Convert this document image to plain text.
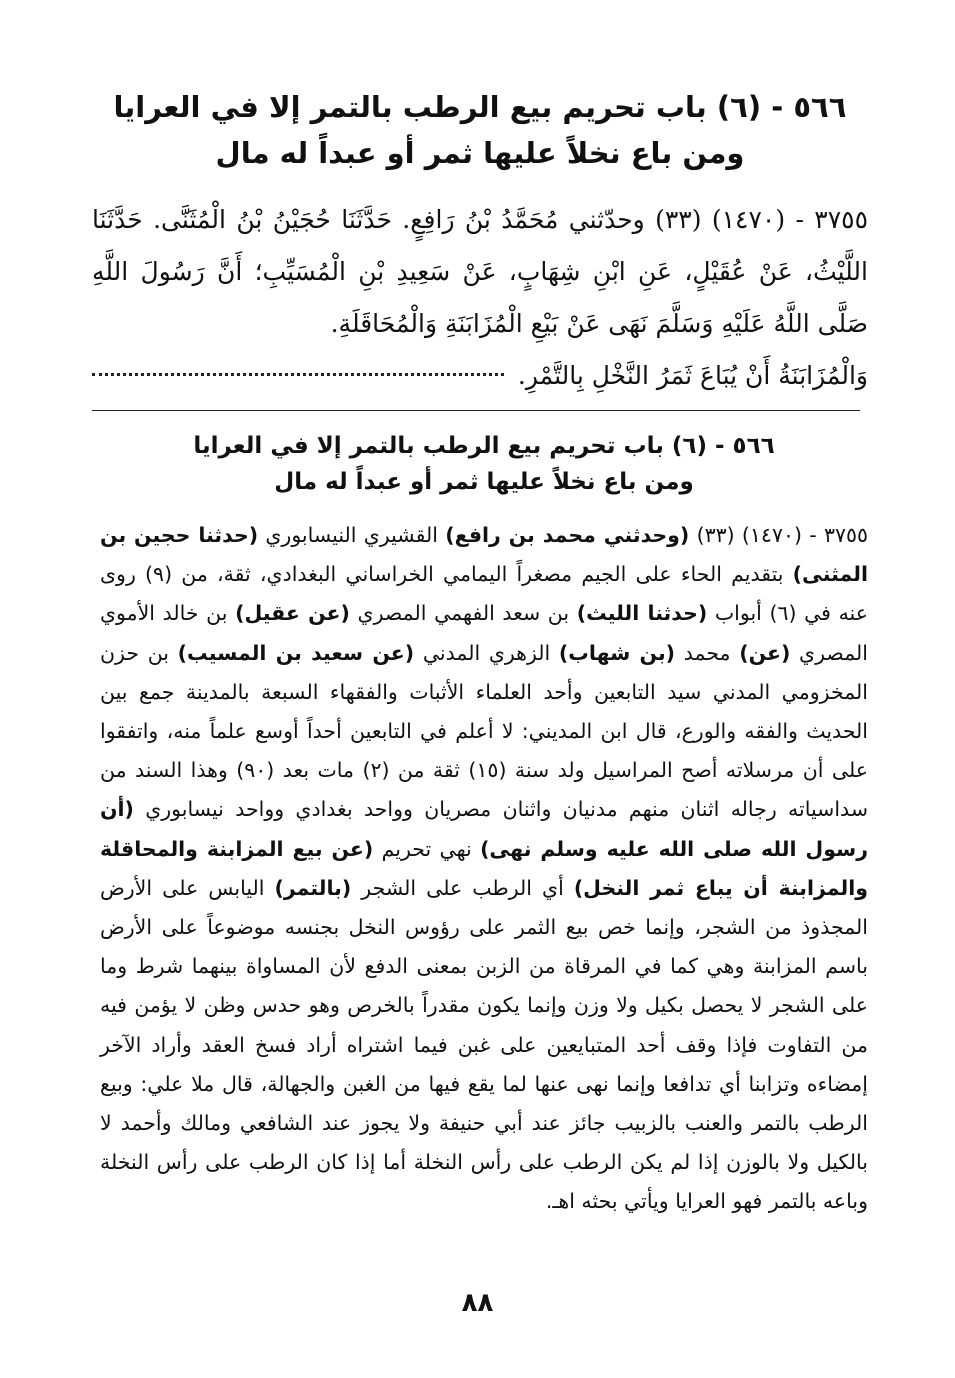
٥٦٦ - (٦) باب تحريم بيع الرطب بالتمر إلا في العرايا
ومن باع نخلاً عليها ثمر أو عبداً له مال

٣٧٥٥ - (١٤٧٠) (٣٣) وحدّثني مُحَمَّدُ بْنُ رَافِعٍ. حَدَّثَنَا حُجَيْنُ بْنُ الْمُثَنَّى. حَدَّثَنَا اللَّيْثُ، عَنْ عُقَيْلٍ، عَنِ ابْنِ شِهَابٍ، عَنْ سَعِيدِ بْنِ الْمُسَيِّبِ؛ أَنَّ رَسُولَ اللَّهِ صَلَّى اللَّهُ عَلَيْهِ وَسَلَّمَ نَهَى عَنْ بَيْعِ الْمُزَابَنَةِ وَالْمُحَاقَلَةِ.

وَالْمُزَابَنَةُ أَنْ يُبَاعَ ثَمَرُ النَّخْلِ بِالتَّمْرِ.
٥٦٦ - (٦) باب تحريم بيع الرطب بالتمر إلا في العرايا
ومن باع نخلاً عليها ثمر أو عبداً له مال

٣٧٥٥ - (١٤٧٠) (٣٣) (وحدثني محمد بن رافع) القشيري النيسابوري (حدثنا حجين بن المثنى) بتقديم الحاء على الجيم مصغراً اليمامي الخراساني البغدادي، ثقة، من (٩) روى عنه في (٦) أبواب (حدثنا الليث) بن سعد الفهمي المصري (عن عقيل) بن خالد الأموي المصري (عن) محمد (بن شهاب) الزهري المدني (عن سعيد بن المسيب) بن حزن المخزومي المدني سيد التابعين وأحد العلماء الأثبات والفقهاء السبعة بالمدينة جمع بين الحديث والفقه والورع، قال ابن المديني: لا أعلم في التابعين أحداً أوسع علماً منه، واتفقوا على أن مرسلاته أصح المراسيل ولد سنة (١٥) ثقة من (٢) مات بعد (٩٠) وهذا السند من سداسياته رجاله اثنان منهم مدنيان واثنان مصريان وواحد بغدادي وواحد نيسابوري (أن رسول الله صلى الله عليه وسلم نهى) نهي تحريم (عن بيع المزابنة والمحاقلة والمزابنة أن يباع ثمر النخل) أي الرطب على الشجر (بالتمر) اليابس على الأرض المجذوذ من الشجر، وإنما خص بيع الثمر على رؤوس النخل بجنسه موضوعاً على الأرض باسم المزابنة وهي كما في المرقاة من الزبن بمعنى الدفع لأن المساواة بينهما شرط وما على الشجر لا يحصل بكيل ولا وزن وإنما يكون مقدراً بالخرص وهو حدس وظن لا يؤمن فيه من التفاوت فإذا وقف أحد المتبايعين على غبن فيما اشتراه أراد فسخ العقد وأراد الآخر إمضاءه وتزابنا أي تدافعا وإنما نهى عنها لما يقع فيها من الغبن والجهالة، قال ملا علي: وبيع الرطب بالتمر والعنب بالزبيب جائز عند أبي حنيفة ولا يجوز عند الشافعي ومالك وأحمد لا بالكيل ولا بالوزن إذا لم يكن الرطب على رأس النخلة أما إذا كان الرطب على رأس النخلة وباعه بالتمر فهو العرايا ويأتي بحثه اهـ.

٨٨
